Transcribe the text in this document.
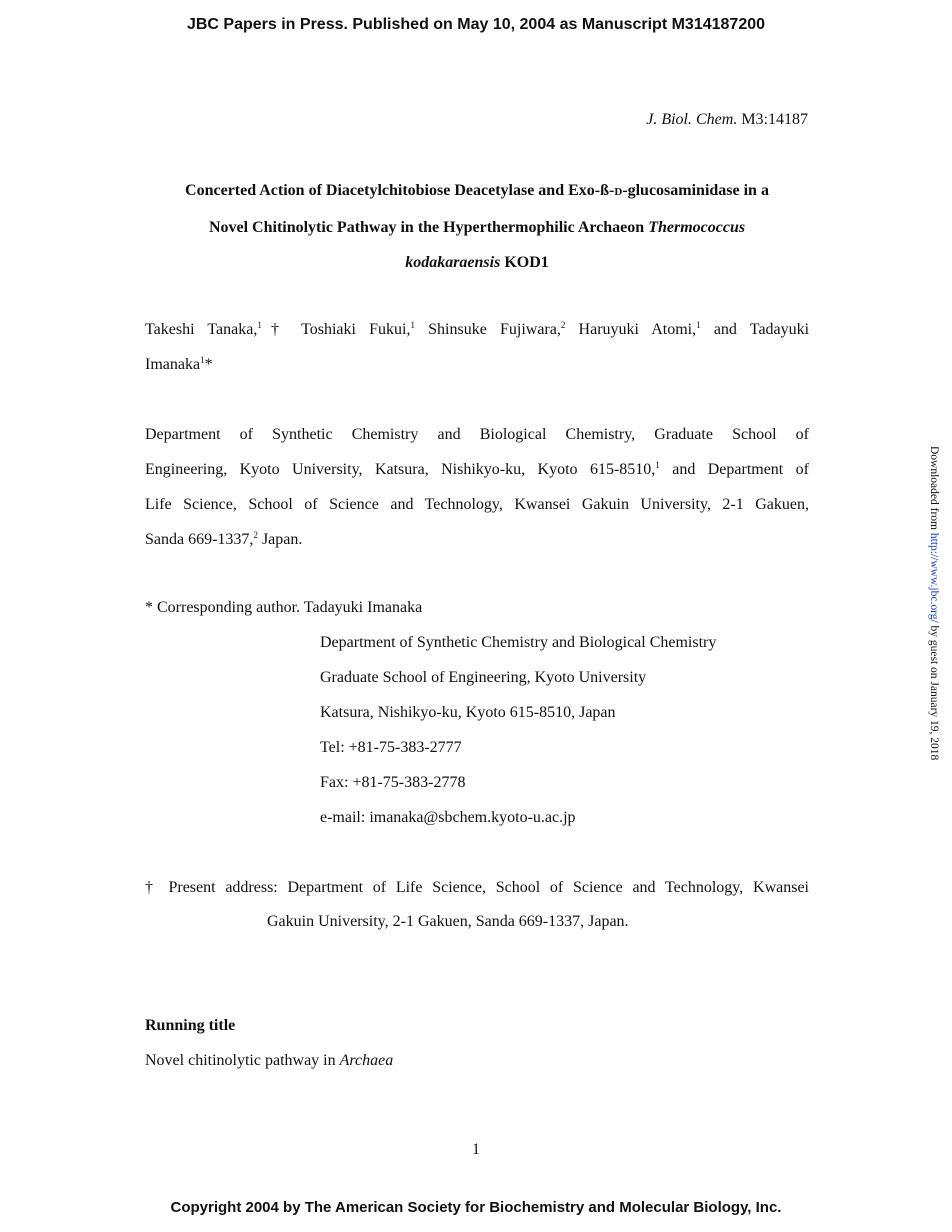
JBC Papers in Press. Published on May 10, 2004 as Manuscript M314187200
J. Biol. Chem. M3:14187
Concerted Action of Diacetylchitobiose Deacetylase and Exo-ß-D-glucosaminidase in a
Novel Chitinolytic Pathway in the Hyperthermophilic Archaeon Thermococcus
kodakaraensis KOD1
Takeshi Tanaka,$^1$† Toshiaki Fukui,$^1$ Shinsuke Fujiwara,$^2$ Haruyuki Atomi,$^1$ and Tadayuki
Imanaka$^1$*
Department of Synthetic Chemistry and Biological Chemistry, Graduate School of
Engineering, Kyoto University, Katsura, Nishikyo-ku, Kyoto 615-8510,$^1$ and Department of
Life Science, School of Science and Technology, Kwansei Gakuin University, 2-1 Gakuen,
Sanda 669-1337,$^2$ Japan.
* Corresponding author. Tadayuki Imanaka
Department of Synthetic Chemistry and Biological Chemistry
Graduate School of Engineering, Kyoto University
Katsura, Nishikyo-ku, Kyoto 615-8510, Japan
Tel: +81-75-383-2777
Fax: +81-75-383-2778
e-mail: imanaka@sbchem.kyoto-u.ac.jp
† Present address: Department of Life Science, School of Science and Technology, Kwansei
Gakuin University, 2-1 Gakuen, Sanda 669-1337, Japan.
Running title
Novel chitinolytic pathway in Archaea
1
Downloaded from http://www.jbc.org/ by guest on January 19, 2018
Copyright 2004 by The American Society for Biochemistry and Molecular Biology, Inc.
